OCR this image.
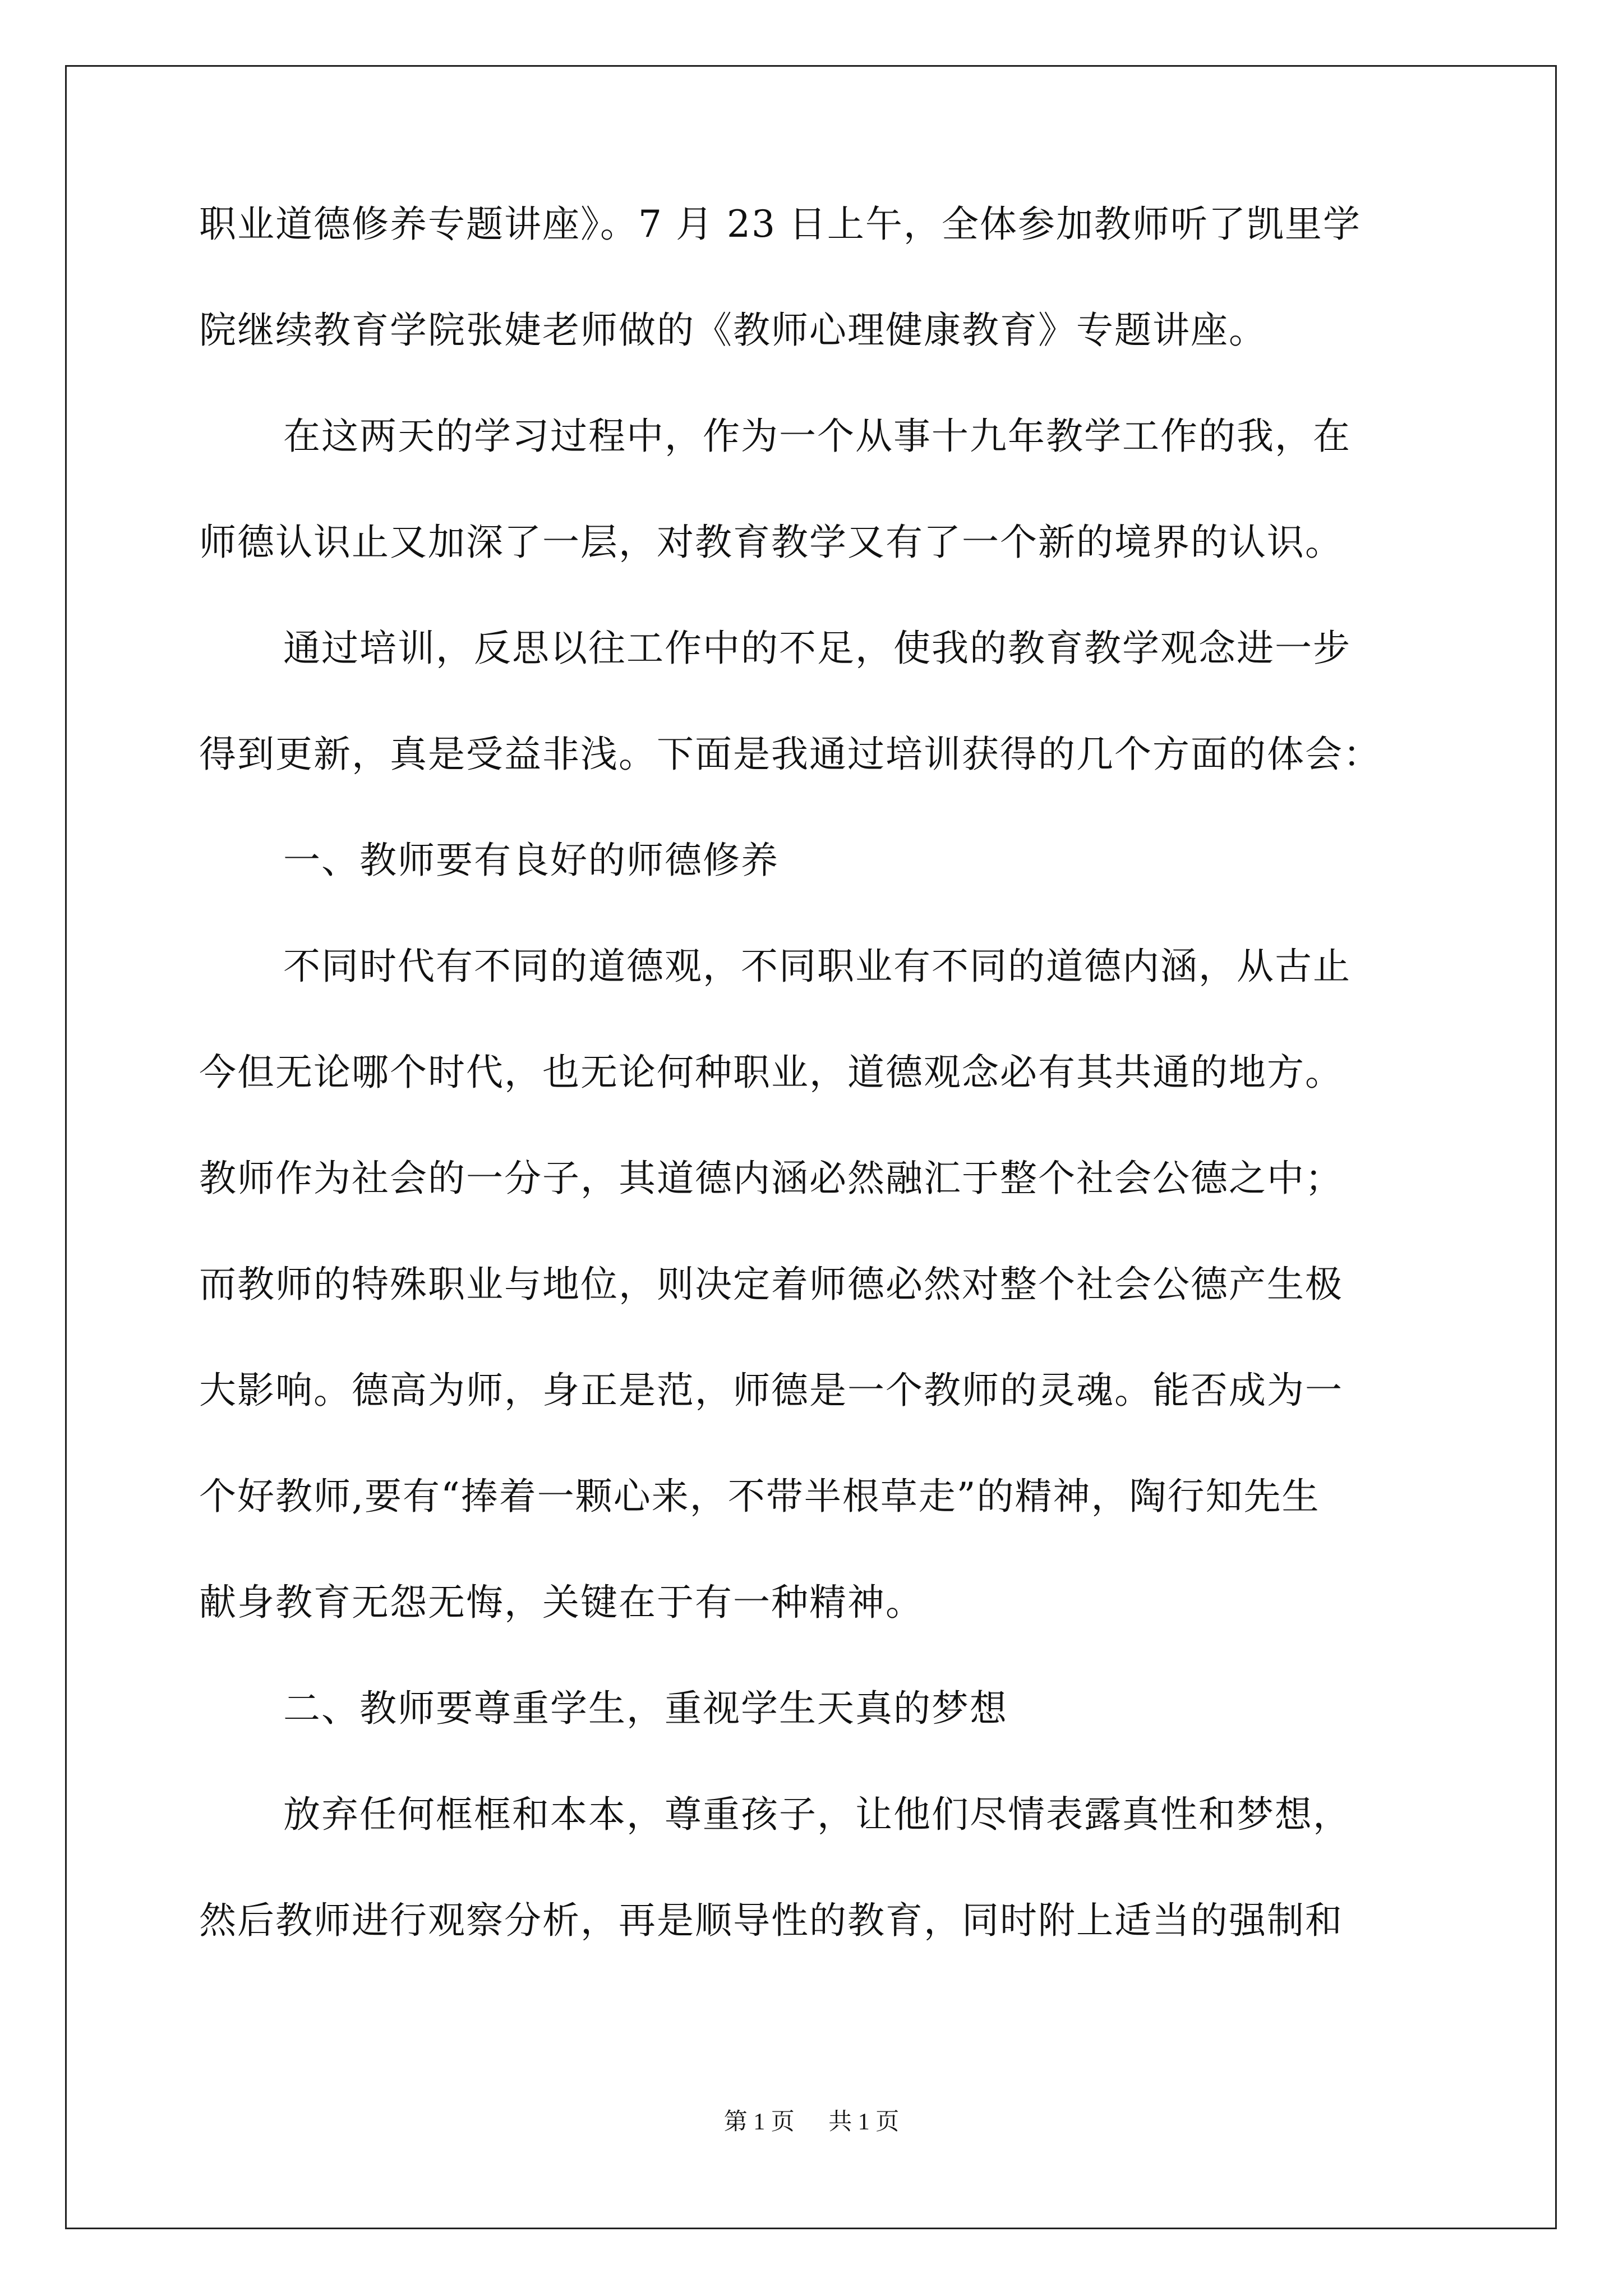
职业道德修养专题讲座》。7 月 23 日上午，全体参加教师听了凯里学
院继续教育学院张婕老师做的《教师心理健康教育》专题讲座。
在这两天的学习过程中，作为一个从事十九年教学工作的我，在
师德认识止又加深了一层，对教育教学又有了一个新的境界的认识。
通过培训，反思以往工作中的不足，使我的教育教学观念进一步
得到更新，真是受益非浅。下面是我通过培训获得的几个方面的体会：
一、教师要有良好的师德修养
不同时代有不同的道德观，不同职业有不同的道德内涵，从古止
今但无论哪个时代，也无论何种职业，道德观念必有其共通的地方。
教师作为社会的一分子，其道德内涵必然融汇于整个社会公德之中；
而教师的特殊职业与地位，则决定着师德必然对整个社会公德产生极
大影响。德高为师，身正是范，师德是一个教师的灵魂。能否成为一
个好教师,要有“捧着一颗心来，不带半根草走”的精神，陶行知先生
献身教育无怨无悔，关键在于有一种精神。
二、教师要尊重学生，重视学生天真的梦想
放弃任何框框和本本，尊重孩子，让他们尽情表露真性和梦想，
然后教师进行观察分析，再是顺导性的教育，同时附上适当的强制和
第 1 页 共 1 页
